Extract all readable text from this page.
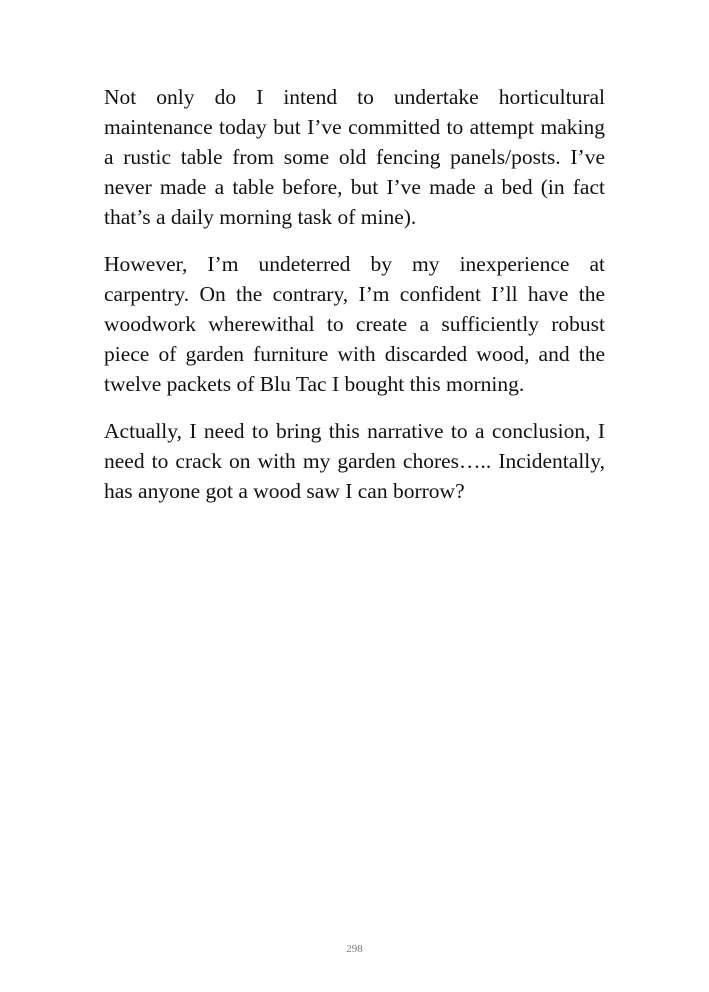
Not only do I intend to undertake horticultural maintenance today but I’ve committed to attempt making a rustic table from some old fencing panels/posts. I’ve never made a table before, but I’ve made a bed (in fact that’s a daily morning task of mine).

However, I’m undeterred by my inexperience at carpentry. On the contrary, I’m confident I’ll have the woodwork wherewithal to create a sufficiently robust piece of garden furniture with discarded wood, and the twelve packets of Blu Tac I bought this morning.

Actually, I need to bring this narrative to a conclusion, I need to crack on with my garden chores….. Incidentally, has anyone got a wood saw I can borrow?

298
